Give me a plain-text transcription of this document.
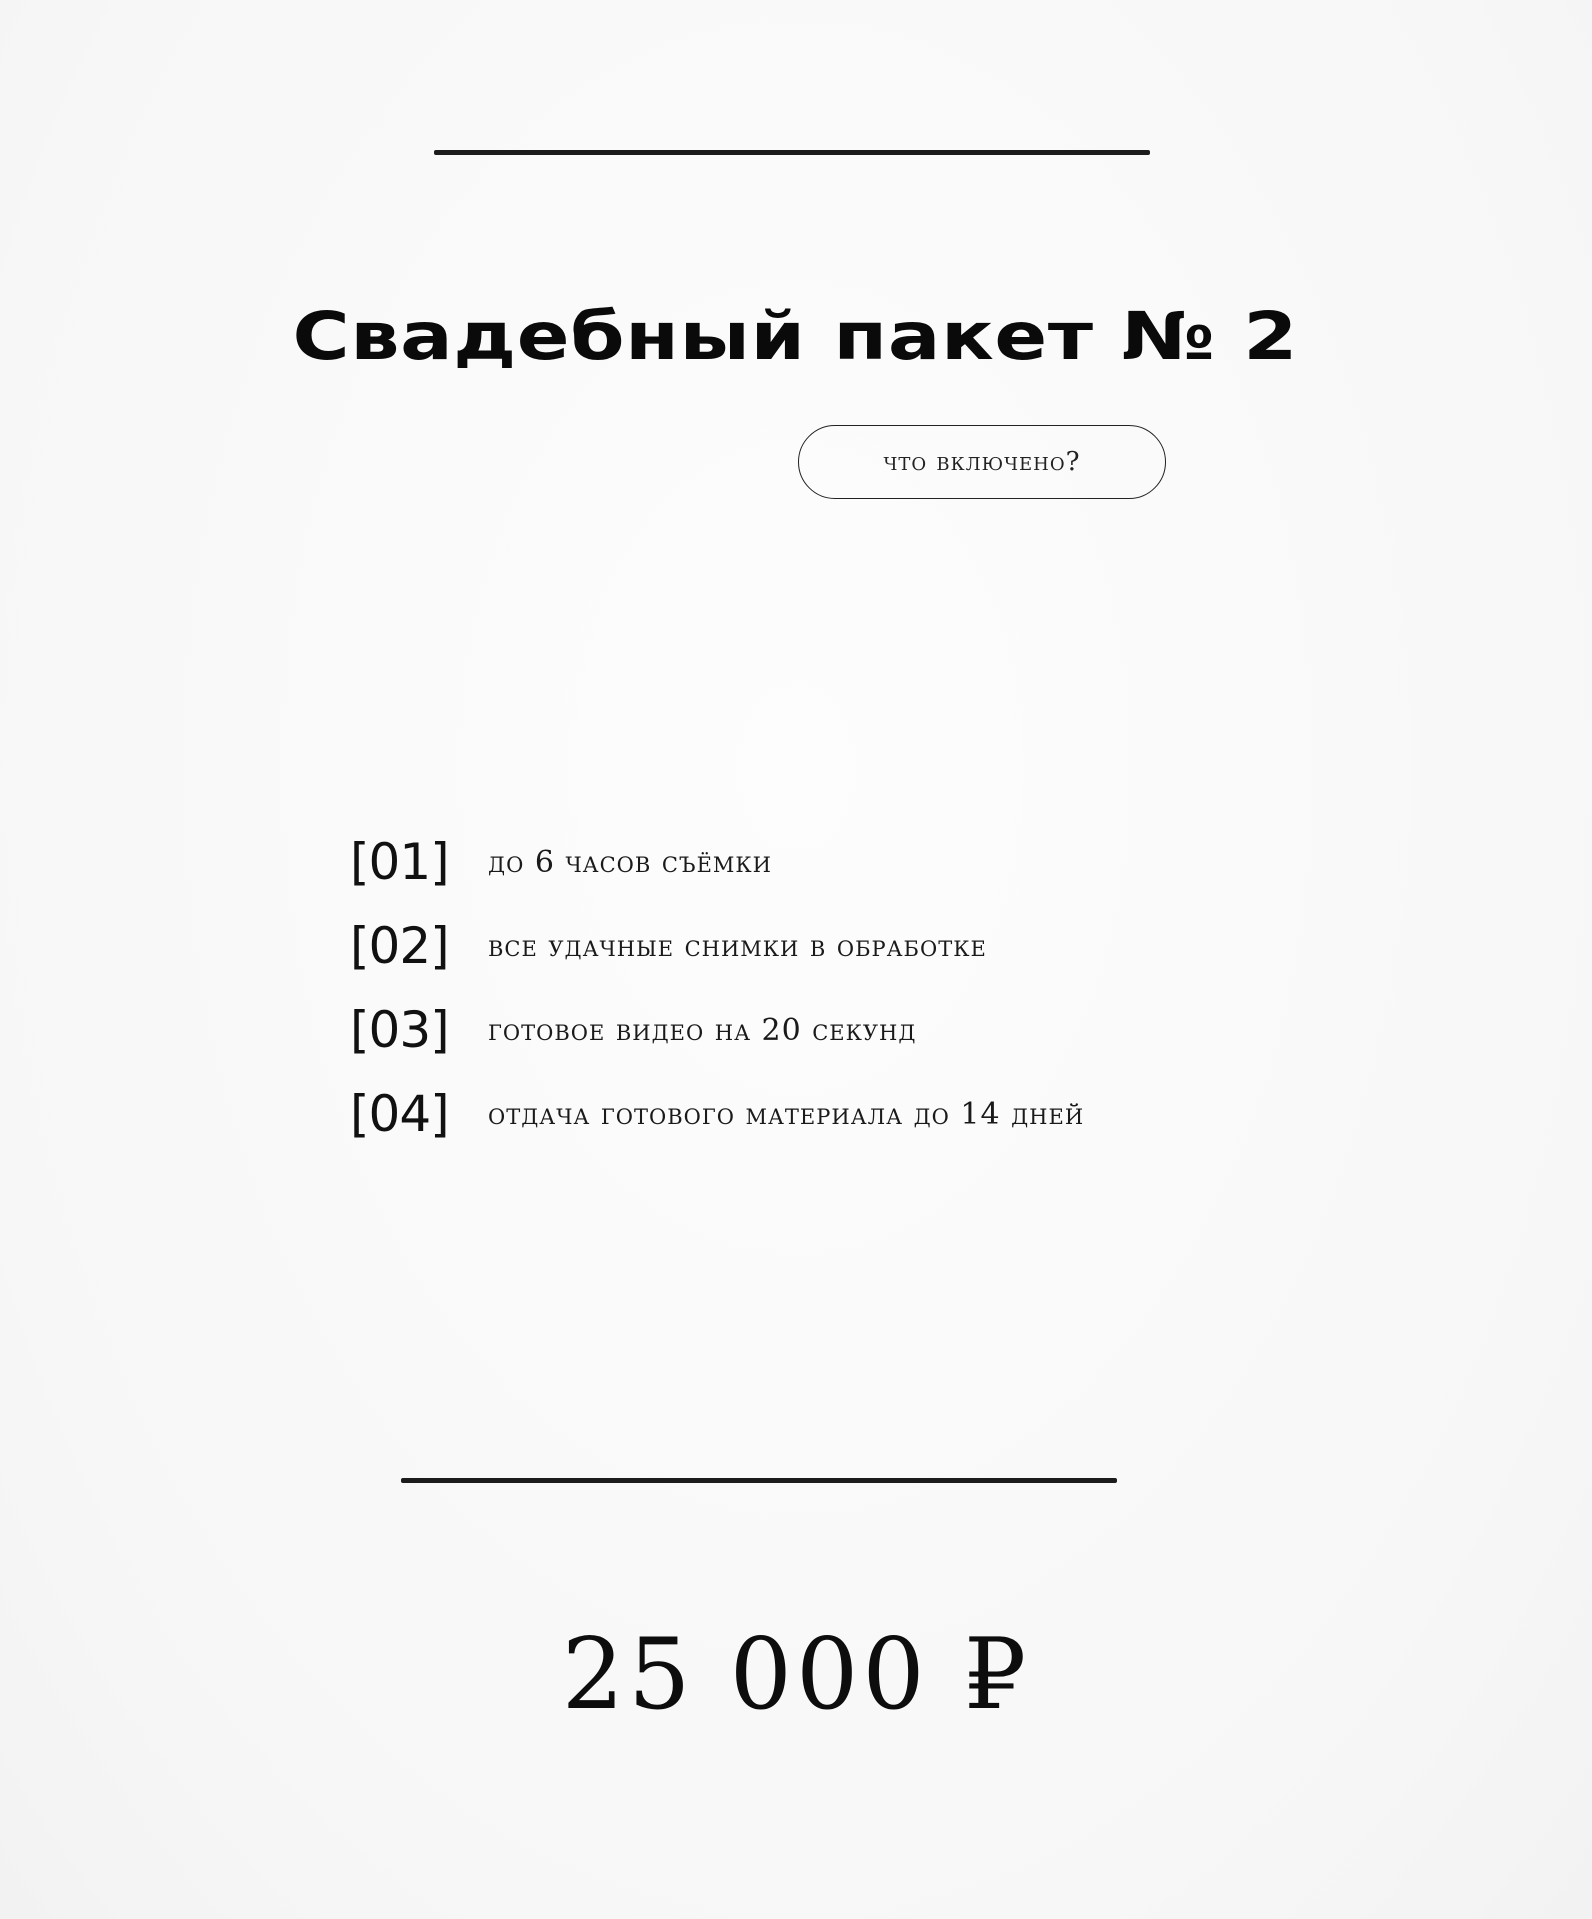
Свадебный пакет № 2
что включено?
[01]	до 6 часов съёмки
[02]	все удачные снимки в обработке
[03]	готовое видео на 20 секунд
[04]	отдача готового материала до 14 дней
25 000 ₽
